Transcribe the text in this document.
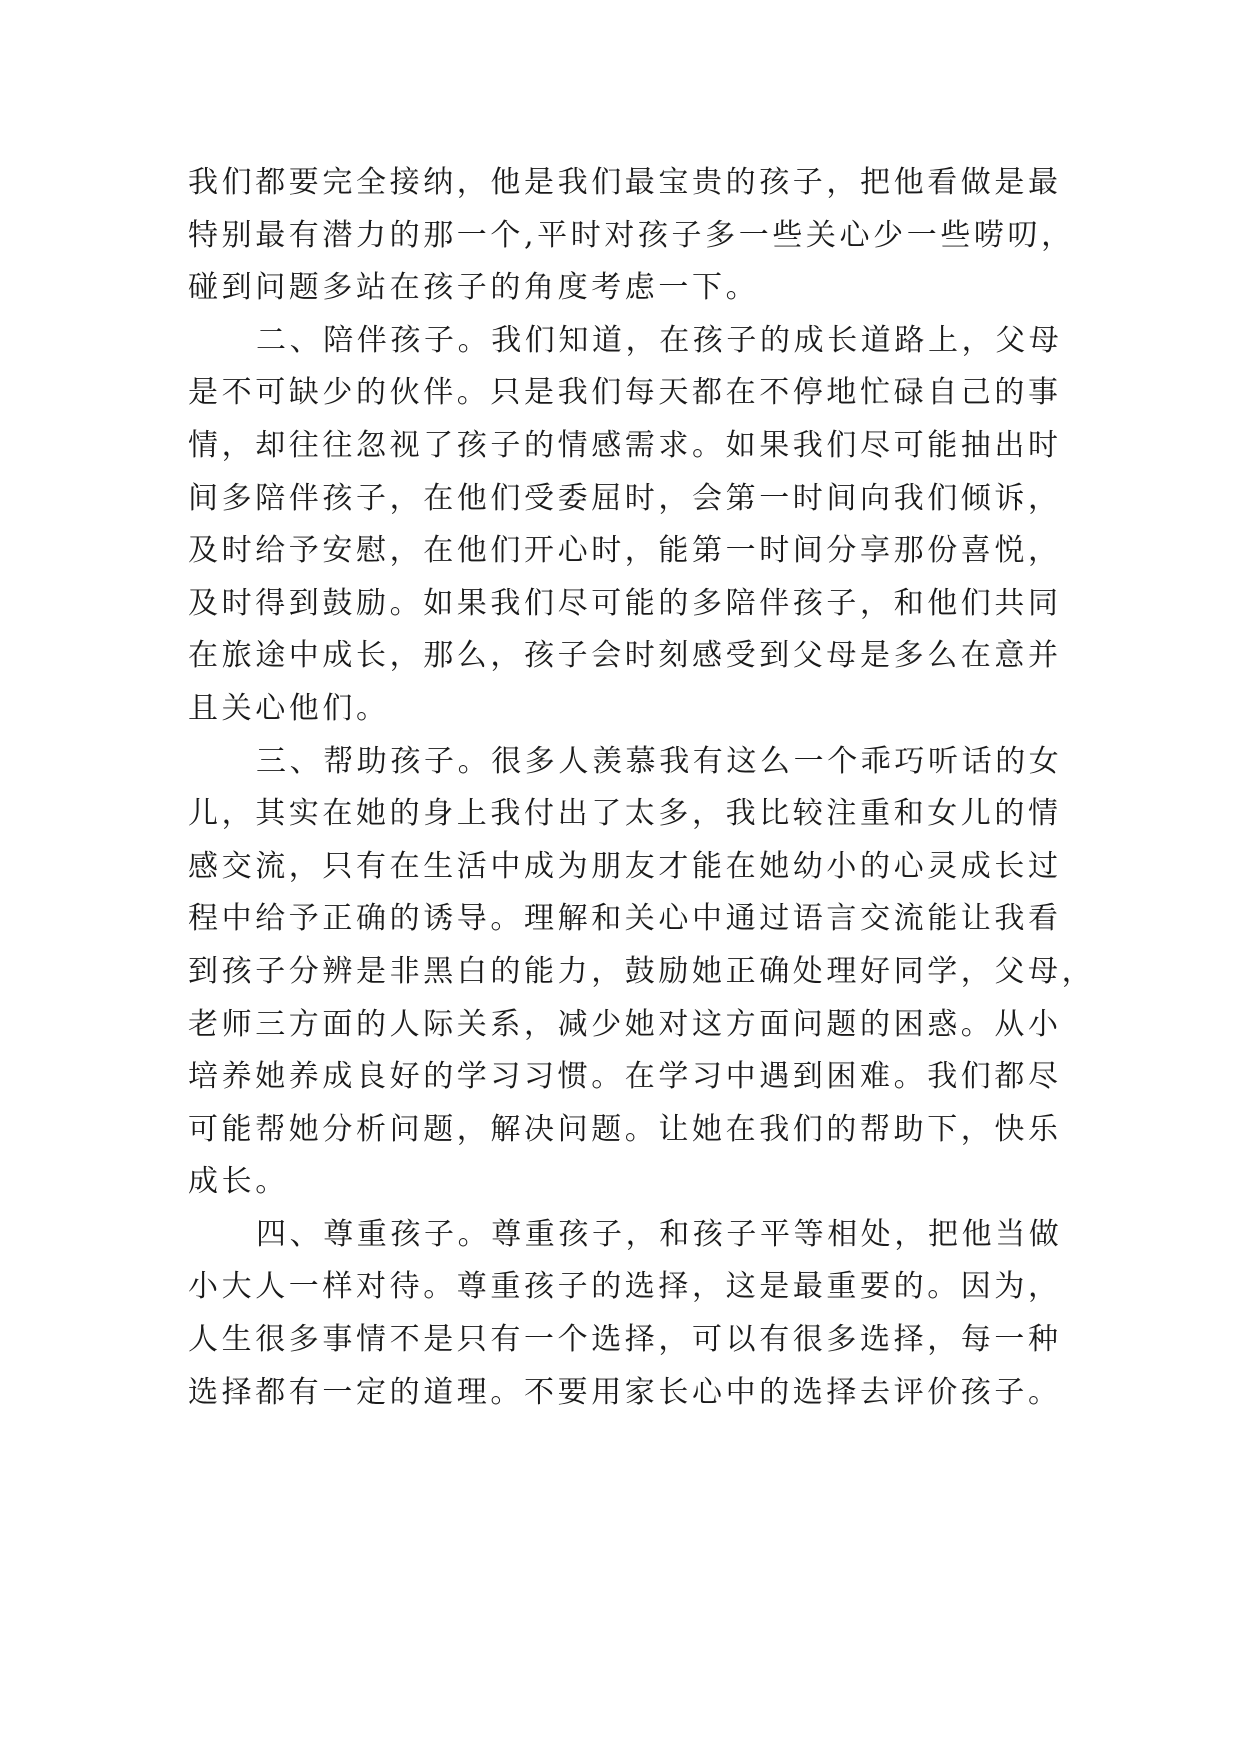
我们都要完全接纳，他是我们最宝贵的孩子，把他看做是最
特别最有潜力的那一个,平时对孩子多一些关心少一些唠叨，
碰到问题多站在孩子的角度考虑一下。
二、陪伴孩子。我们知道，在孩子的成长道路上，父母
是不可缺少的伙伴。只是我们每天都在不停地忙碌自己的事
情，却往往忽视了孩子的情感需求。如果我们尽可能抽出时
间多陪伴孩子，在他们受委屈时，会第一时间向我们倾诉，
及时给予安慰，在他们开心时，能第一时间分享那份喜悦，
及时得到鼓励。如果我们尽可能的多陪伴孩子，和他们共同
在旅途中成长，那么，孩子会时刻感受到父母是多么在意并
且关心他们。
三、帮助孩子。很多人羡慕我有这么一个乖巧听话的女
儿，其实在她的身上我付出了太多，我比较注重和女儿的情
感交流，只有在生活中成为朋友才能在她幼小的心灵成长过
程中给予正确的诱导。理解和关心中通过语言交流能让我看
到孩子分辨是非黑白的能力，鼓励她正确处理好同学，父母，
老师三方面的人际关系，减少她对这方面问题的困惑。从小
培养她养成良好的学习习惯。在学习中遇到困难。我们都尽
可能帮她分析问题，解决问题。让她在我们的帮助下，快乐
成长。
四、尊重孩子。尊重孩子，和孩子平等相处，把他当做
小大人一样对待。尊重孩子的选择，这是最重要的。因为，
人生很多事情不是只有一个选择，可以有很多选择，每一种
选择都有一定的道理。不要用家长心中的选择去评价孩子。
